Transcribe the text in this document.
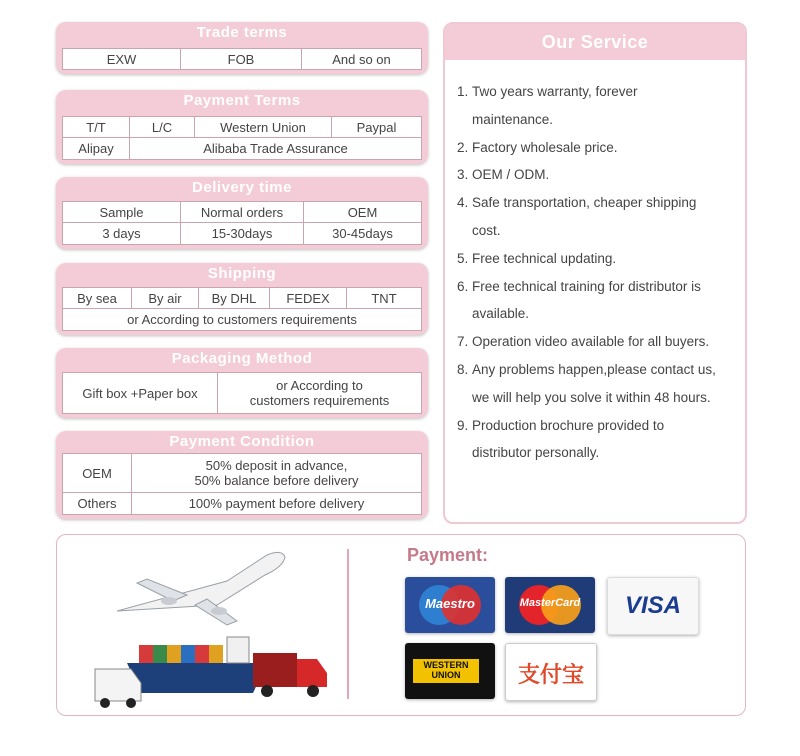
Trade terms
EXW	FOB	And so on
Payment Terms
T/T	L/C	Western Union	Paypal
Alipay	Alibaba Trade Assurance
Delivery time
Sample	Normal orders	OEM
3 days	15-30days	30-45days
Shipping
By sea	By air	By DHL	FEDEX	TNT
or According to customers requirements
Packaging Method
Gift box +Paper box	or According to
customers requirements
Payment Condition
OEM	50% deposit in advance,
50% balance before delivery
Others	100% payment before delivery
Our Service
1. Two years warranty, forever
maintenance.
2. Factory wholesale price.
3. OEM / ODM.
4. Safe transportation, cheaper shipping
cost.
5. Free technical updating.
6. Free technical training for distributor is
available.
7. Operation video available for all buyers.
8. Any problems happen,please contact us,
we will help you solve it within 48 hours.
9. Production brochure provided to
distributor personally.
Payment:
Maestro	MasterCard	VISA
WESTERN
UNION	支付宝
